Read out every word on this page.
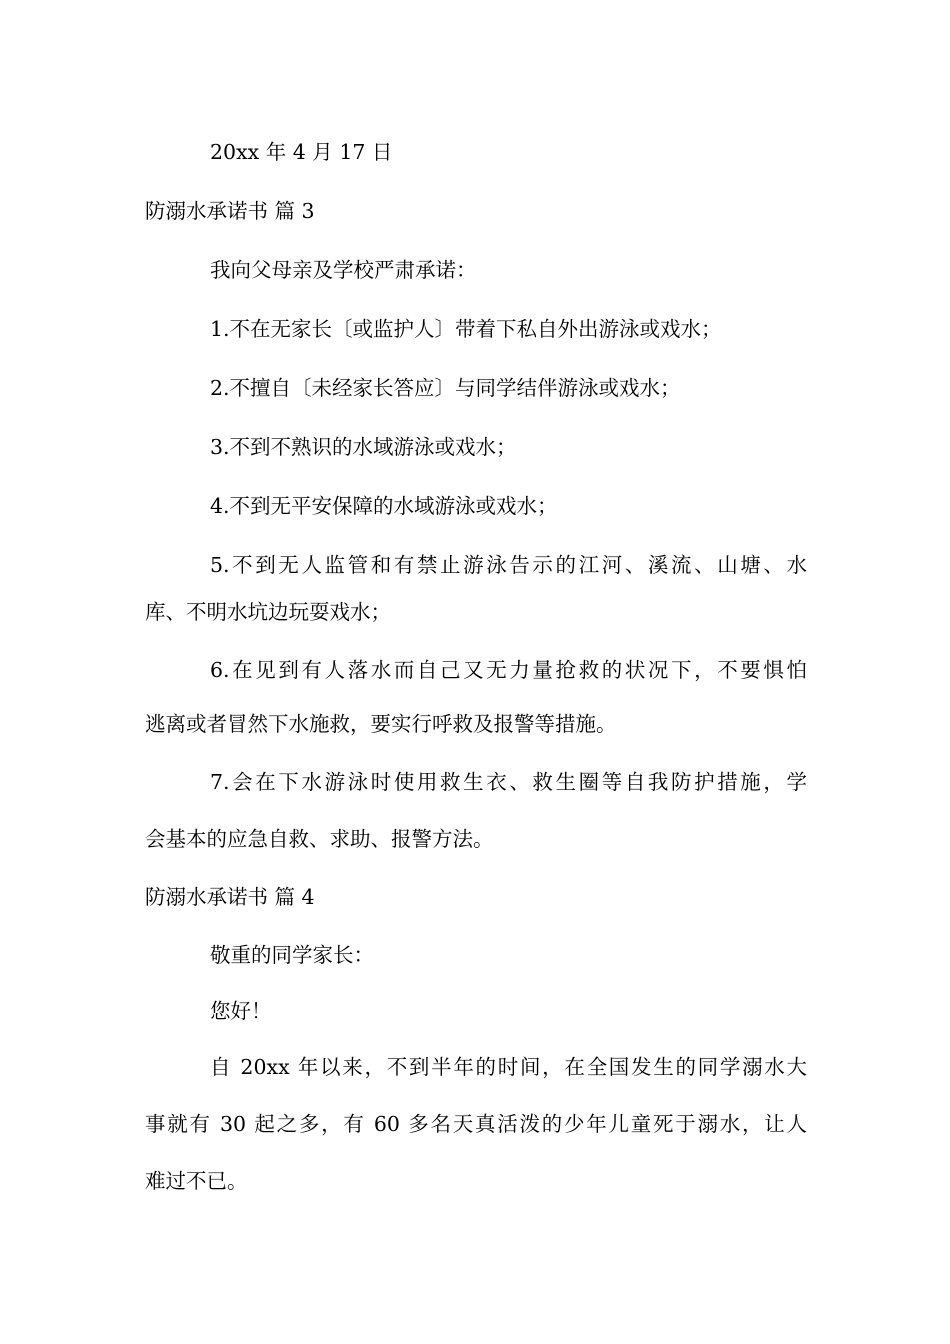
20xx 年 4 月 17 日
防溺水承诺书 篇 3
我向父母亲及学校严肃承诺：
1.不在无家长〔或监护人〕带着下私自外出游泳或戏水；
2.不擅自〔未经家长答应〕与同学结伴游泳或戏水；
3.不到不熟识的水域游泳或戏水；
4.不到无平安保障的水域游泳或戏水；
5.不到无人监管和有禁止游泳告示的江河、溪流、山塘、水
库、不明水坑边玩耍戏水；
6.在见到有人落水而自己又无力量抢救的状况下，不要惧怕
逃离或者冒然下水施救，要实行呼救及报警等措施。
7.会在下水游泳时使用救生衣、救生圈等自我防护措施，学
会基本的应急自救、求助、报警方法。
防溺水承诺书 篇 4
敬重的同学家长：
您好！
自 20xx 年以来，不到半年的时间，在全国发生的同学溺水大
事就有 30 起之多，有 60 多名天真活泼的少年儿童死于溺水，让人
难过不已。
